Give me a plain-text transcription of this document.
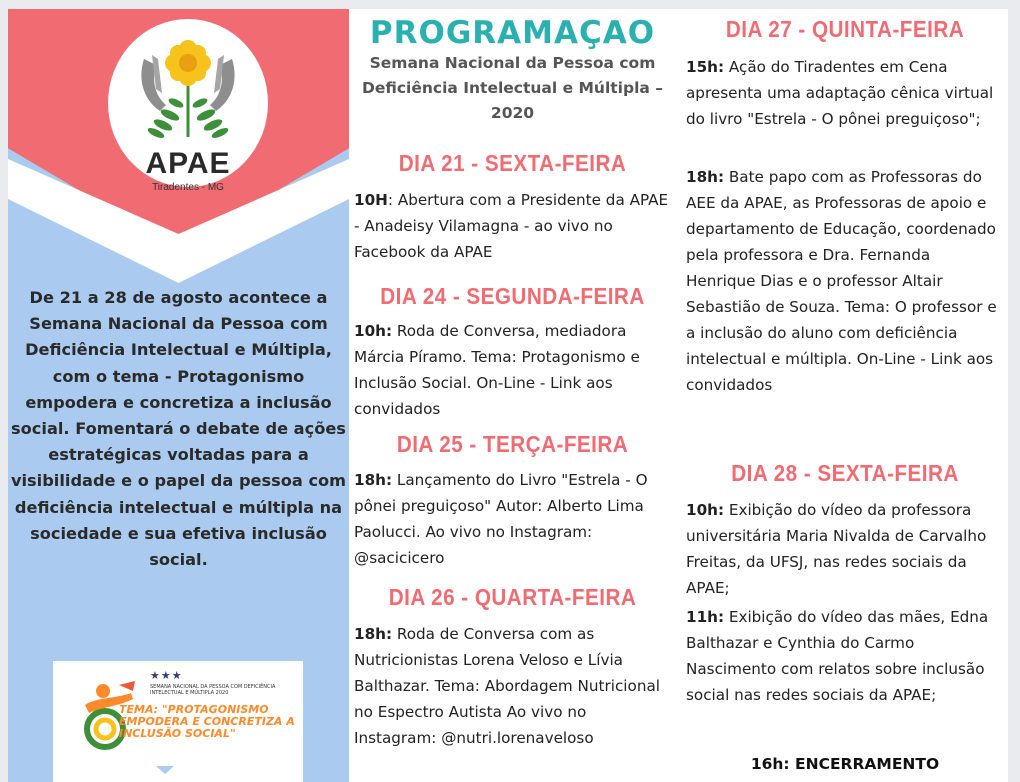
APAE
Tiradentes - MG

De 21 a 28 de agosto acontece a Semana Nacional da Pessoa com Deficiência Intelectual e Múltipla, com o tema - Protagonismo empodera e concretiza a inclusão social. Fomentará o debate de ações estratégicas voltadas para a visibilidade e o papel da pessoa com deficiência intelectual e múltipla na sociedade e sua efetiva inclusão social.

★★★

SEMANA NACIONAL DA PESSOA COM DEFICIÊNCIA INTELECTUAL E MÚLTIPLA 2020

TEMA: "PROTAGONISMO EMPODERA E CONCRETIZA A INCLUSÃO SOCIAL"

PROGRAMAÇAO

Semana Nacional da Pessoa com Deficiência Intelectual e Múltipla – 2020

DIA 21 - SEXTA-FEIRA

10H: Abertura com a Presidente da APAE - Anadeisy Vilamagna - ao vivo no Facebook da APAE

DIA 24 - SEGUNDA-FEIRA

10h: Roda de Conversa, mediadora Márcia Píramo. Tema: Protagonismo e Inclusão Social. On-Line - Link aos convidados

DIA 25 - TERÇA-FEIRA

18h: Lançamento do Livro "Estrela - O pônei preguiçoso" Autor: Alberto Lima Paolucci. Ao vivo no Instagram: @sacicicero

DIA 26 - QUARTA-FEIRA

18h: Roda de Conversa com as Nutricionistas Lorena Veloso e Lívia Balthazar. Tema: Abordagem Nutricional no Espectro Autista Ao vivo no Instagram: @nutri.lorenaveloso

DIA 27 - QUINTA-FEIRA

15h: Ação do Tiradentes em Cena apresenta uma adaptação cênica virtual do livro "Estrela - O pônei preguiçoso";

18h: Bate papo com as Professoras do AEE da APAE, as Professoras de apoio e departamento de Educação, coordenado pela professora e Dra. Fernanda Henrique Dias e o professor Altair Sebastião de Souza. Tema: O professor e a inclusão do aluno com deficiência intelectual e múltipla. On-Line - Link aos convidados

DIA 28 - SEXTA-FEIRA

10h: Exibição do vídeo da professora universitária Maria Nivalda de Carvalho Freitas, da UFSJ, nas redes sociais da APAE;

11h: Exibição do vídeo das mães, Edna Balthazar e Cynthia do Carmo Nascimento com relatos sobre inclusão social nas redes sociais da APAE;

16h: ENCERRAMENTO
